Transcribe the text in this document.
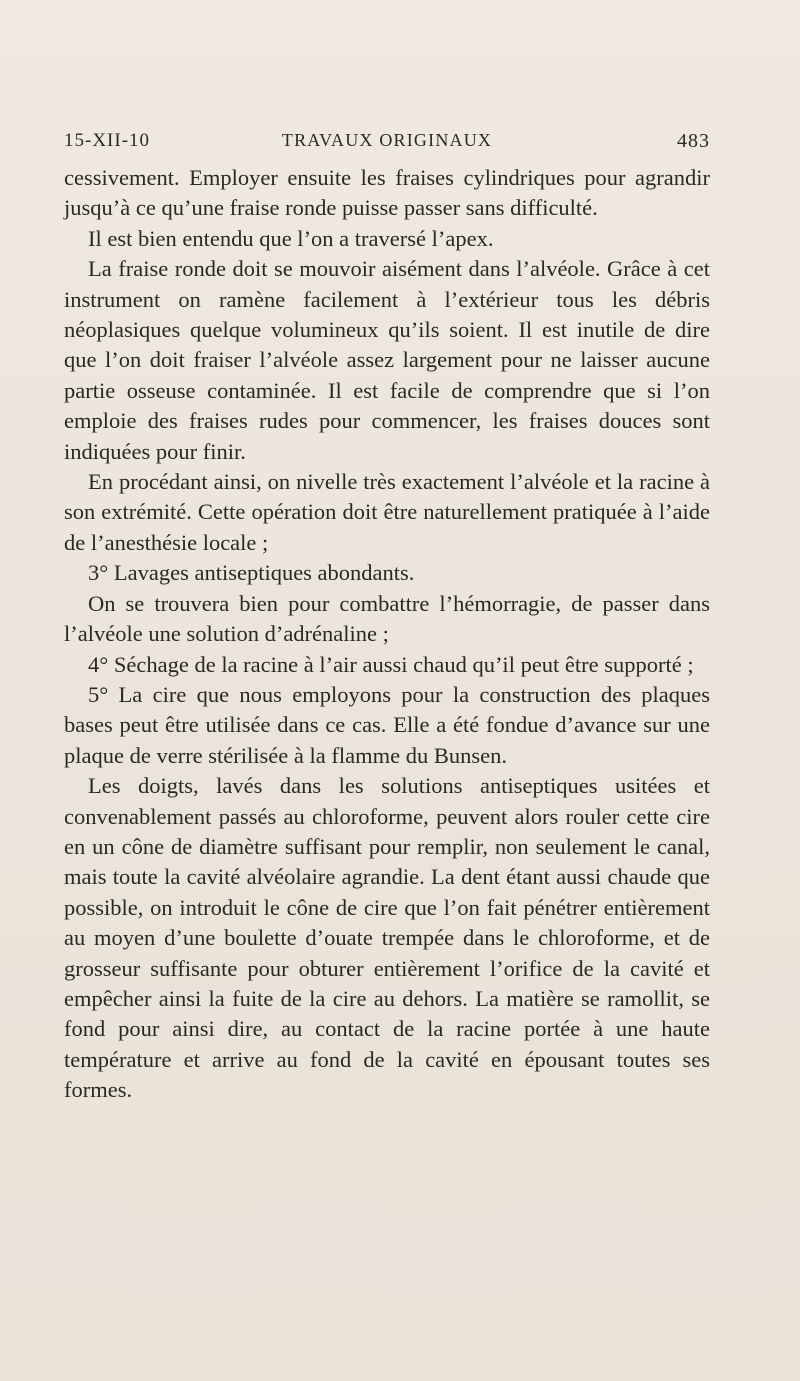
15-XII-10	TRAVAUX ORIGINAUX	483

cessivement. Employer ensuite les fraises cylindriques pour agrandir jusqu’à ce qu’une fraise ronde puisse passer sans difficulté.

Il est bien entendu que l’on a traversé l’apex.

La fraise ronde doit se mouvoir aisément dans l’alvéole. Grâce à cet instrument on ramène facilement à l’extérieur tous les débris néoplasiques quelque volumineux qu’ils soient. Il est inutile de dire que l’on doit fraiser l’alvéole assez largement pour ne laisser aucune partie osseuse contaminée. Il est facile de comprendre que si l’on emploie des fraises rudes pour commencer, les fraises douces sont indiquées pour finir.

En procédant ainsi, on nivelle très exactement l’alvéole et la racine à son extrémité. Cette opération doit être naturellement pratiquée à l’aide de l’anesthésie locale ;

3° Lavages antiseptiques abondants.

On se trouvera bien pour combattre l’hémorragie, de passer dans l’alvéole une solution d’adrénaline ;

4° Séchage de la racine à l’air aussi chaud qu’il peut être supporté ;

5° La cire que nous employons pour la construction des plaques bases peut être utilisée dans ce cas. Elle a été fondue d’avance sur une plaque de verre stérilisée à la flamme du Bunsen.

Les doigts, lavés dans les solutions antiseptiques usitées et convenablement passés au chloroforme, peuvent alors rouler cette cire en un cône de diamètre suffisant pour remplir, non seulement le canal, mais toute la cavité alvéolaire agrandie. La dent étant aussi chaude que possible, on introduit le cône de cire que l’on fait pénétrer entièrement au moyen d’une boulette d’ouate trempée dans le chloroforme, et de grosseur suffisante pour obturer entièrement l’orifice de la cavité et empêcher ainsi la fuite de la cire au dehors. La matière se ramollit, se fond pour ainsi dire, au contact de la racine portée à une haute température et arrive au fond de la cavité en épousant toutes ses formes.
